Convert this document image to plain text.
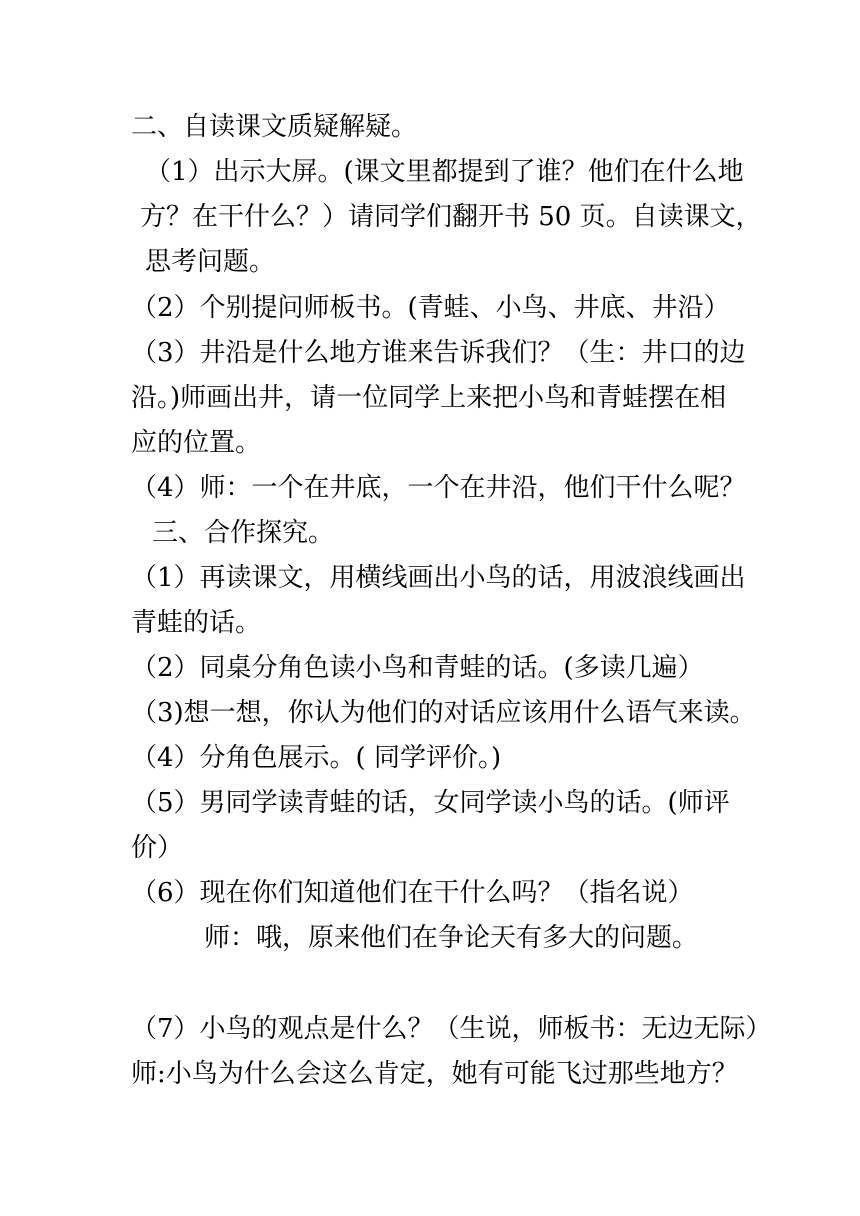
二、自读课文质疑解疑。
（1）出示大屏。(课文里都提到了谁？他们在什么地
方？在干什么？）请同学们翻开书 50 页。自读课文，
思考问题。
（2）个别提问师板书。(青蛙、小鸟、井底、井沿）
（3）井沿是什么地方谁来告诉我们？（生：井口的边
沿。)师画出井，请一位同学上来把小鸟和青蛙摆在相
应的位置。
（4）师：一个在井底，一个在井沿，他们干什么呢？
三、合作探究。
（1）再读课文，用横线画出小鸟的话，用波浪线画出
青蛙的话。
（2）同桌分角色读小鸟和青蛙的话。(多读几遍）
（3)想一想，你认为他们的对话应该用什么语气来读。
（4）分角色展示。( 同学评价。)
（5）男同学读青蛙的话，女同学读小鸟的话。(师评
价）
（6）现在你们知道他们在干什么吗？（指名说）
师：哦，原来他们在争论天有多大的问题。
（7）小鸟的观点是什么？（生说，师板书：无边无际）
师:小鸟为什么会这么肯定，她有可能飞过那些地方？
